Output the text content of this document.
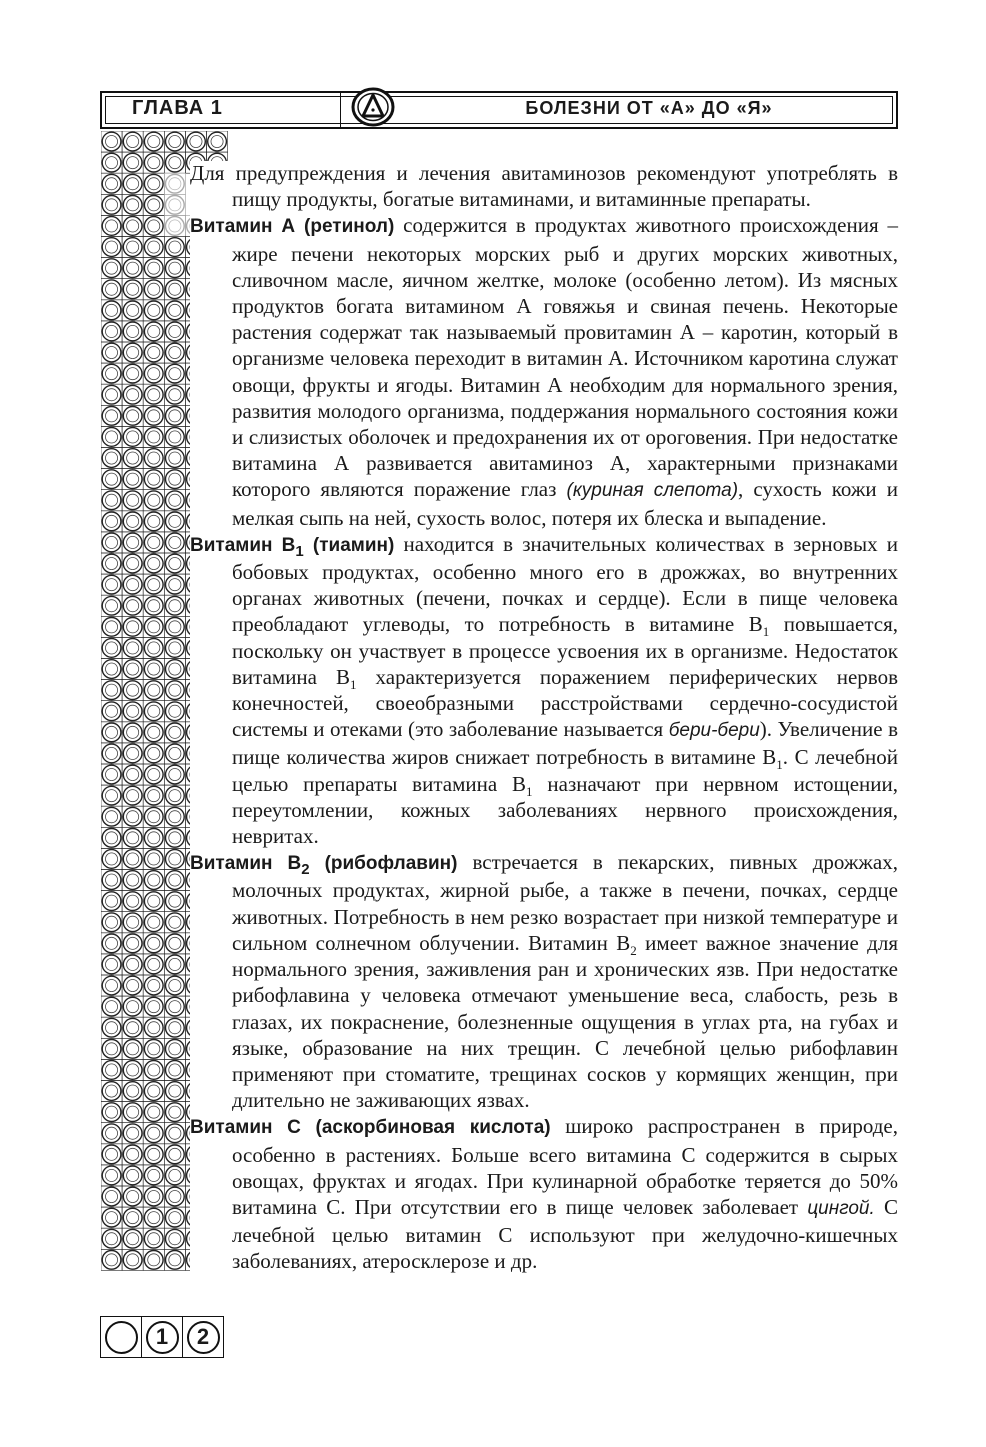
ГЛАВА 1	БОЛЕЗНИ ОТ «А» ДО «Я»

Для предупреждения и лечения авитаминозов рекомендуют употреблять в пищу продукты, богатые витаминами, и витаминные препараты.

Витамин А (ретинол) содержится в продуктах животного происхождения – жире печени некоторых морских рыб и других морских животных, сливочном масле, яичном желтке, молоке (особенно летом). Из мясных продуктов богата витамином А говяжья и свиная печень. Некоторые растения содержат так называемый провитамин А – каротин, который в организме человека переходит в витамин А. Источником каротина служат овощи, фрукты и ягоды. Витамин А необходим для нормального зрения, развития молодого организма, поддержания нормального состояния кожи и слизистых оболочек и предохранения их от ороговения. При недостатке витамина А развивается авитаминоз А, характерными признаками которого являются поражение глаз (куриная слепота), сухость кожи и мелкая сыпь на ней, сухость волос, потеря их блеска и выпадение.

Витамин $В_1$ (тиамин) находится в значительных количествах в зерновых и бобовых продуктах, особенно много его в дрожжах, во внутренних органах животных (печени, почках и сердце). Если в пище человека преобладают углеводы, то потребность в витамине $В_1$ повышается, поскольку он участвует в процессе усвоения их в организме. Недостаток витамина $В_1$ характеризуется поражением периферических нервов конечностей, своеобразными расстройствами сердечно-сосудистой системы и отеками (это заболевание называется бери-бери). Увеличение в пище количества жиров снижает потребность в витамине $В_1$. С лечебной целью препараты витамина $В_1$ назначают при нервном истощении, переутомлении, кожных заболеваниях нервного происхождения, невритах.

Витамин $В_2$ (рибофлавин) встречается в пекарских, пивных дрожжах, молочных продуктах, жирной рыбе, а также в печени, почках, сердце животных. Потребность в нем резко возрастает при низкой температуре и сильном солнечном облучении. Витамин $В_2$ имеет важное значение для нормального зрения, заживления ран и хронических язв. При недостатке рибофлавина у человека отмечают уменьшение веса, слабость, резь в глазах, их покраснение, болезненные ощущения в углах рта, на губах и языке, образование на них трещин. С лечебной целью рибофлавин применяют при стоматите, трещинах сосков у кормящих женщин, при длительно не заживающих язвах.

Витамин С (аскорбиновая кислота) широко распространен в природе, особенно в растениях. Больше всего витамина С содержится в сырых овощах, фруктах и ягодах. При кулинарной обработке теряется до 50% витамина С. При отсутствии его в пище человек заболевает цингой. С лечебной целью витамин С используют при желудочно-кишечных заболеваниях, атеросклерозе и др.

1	2
